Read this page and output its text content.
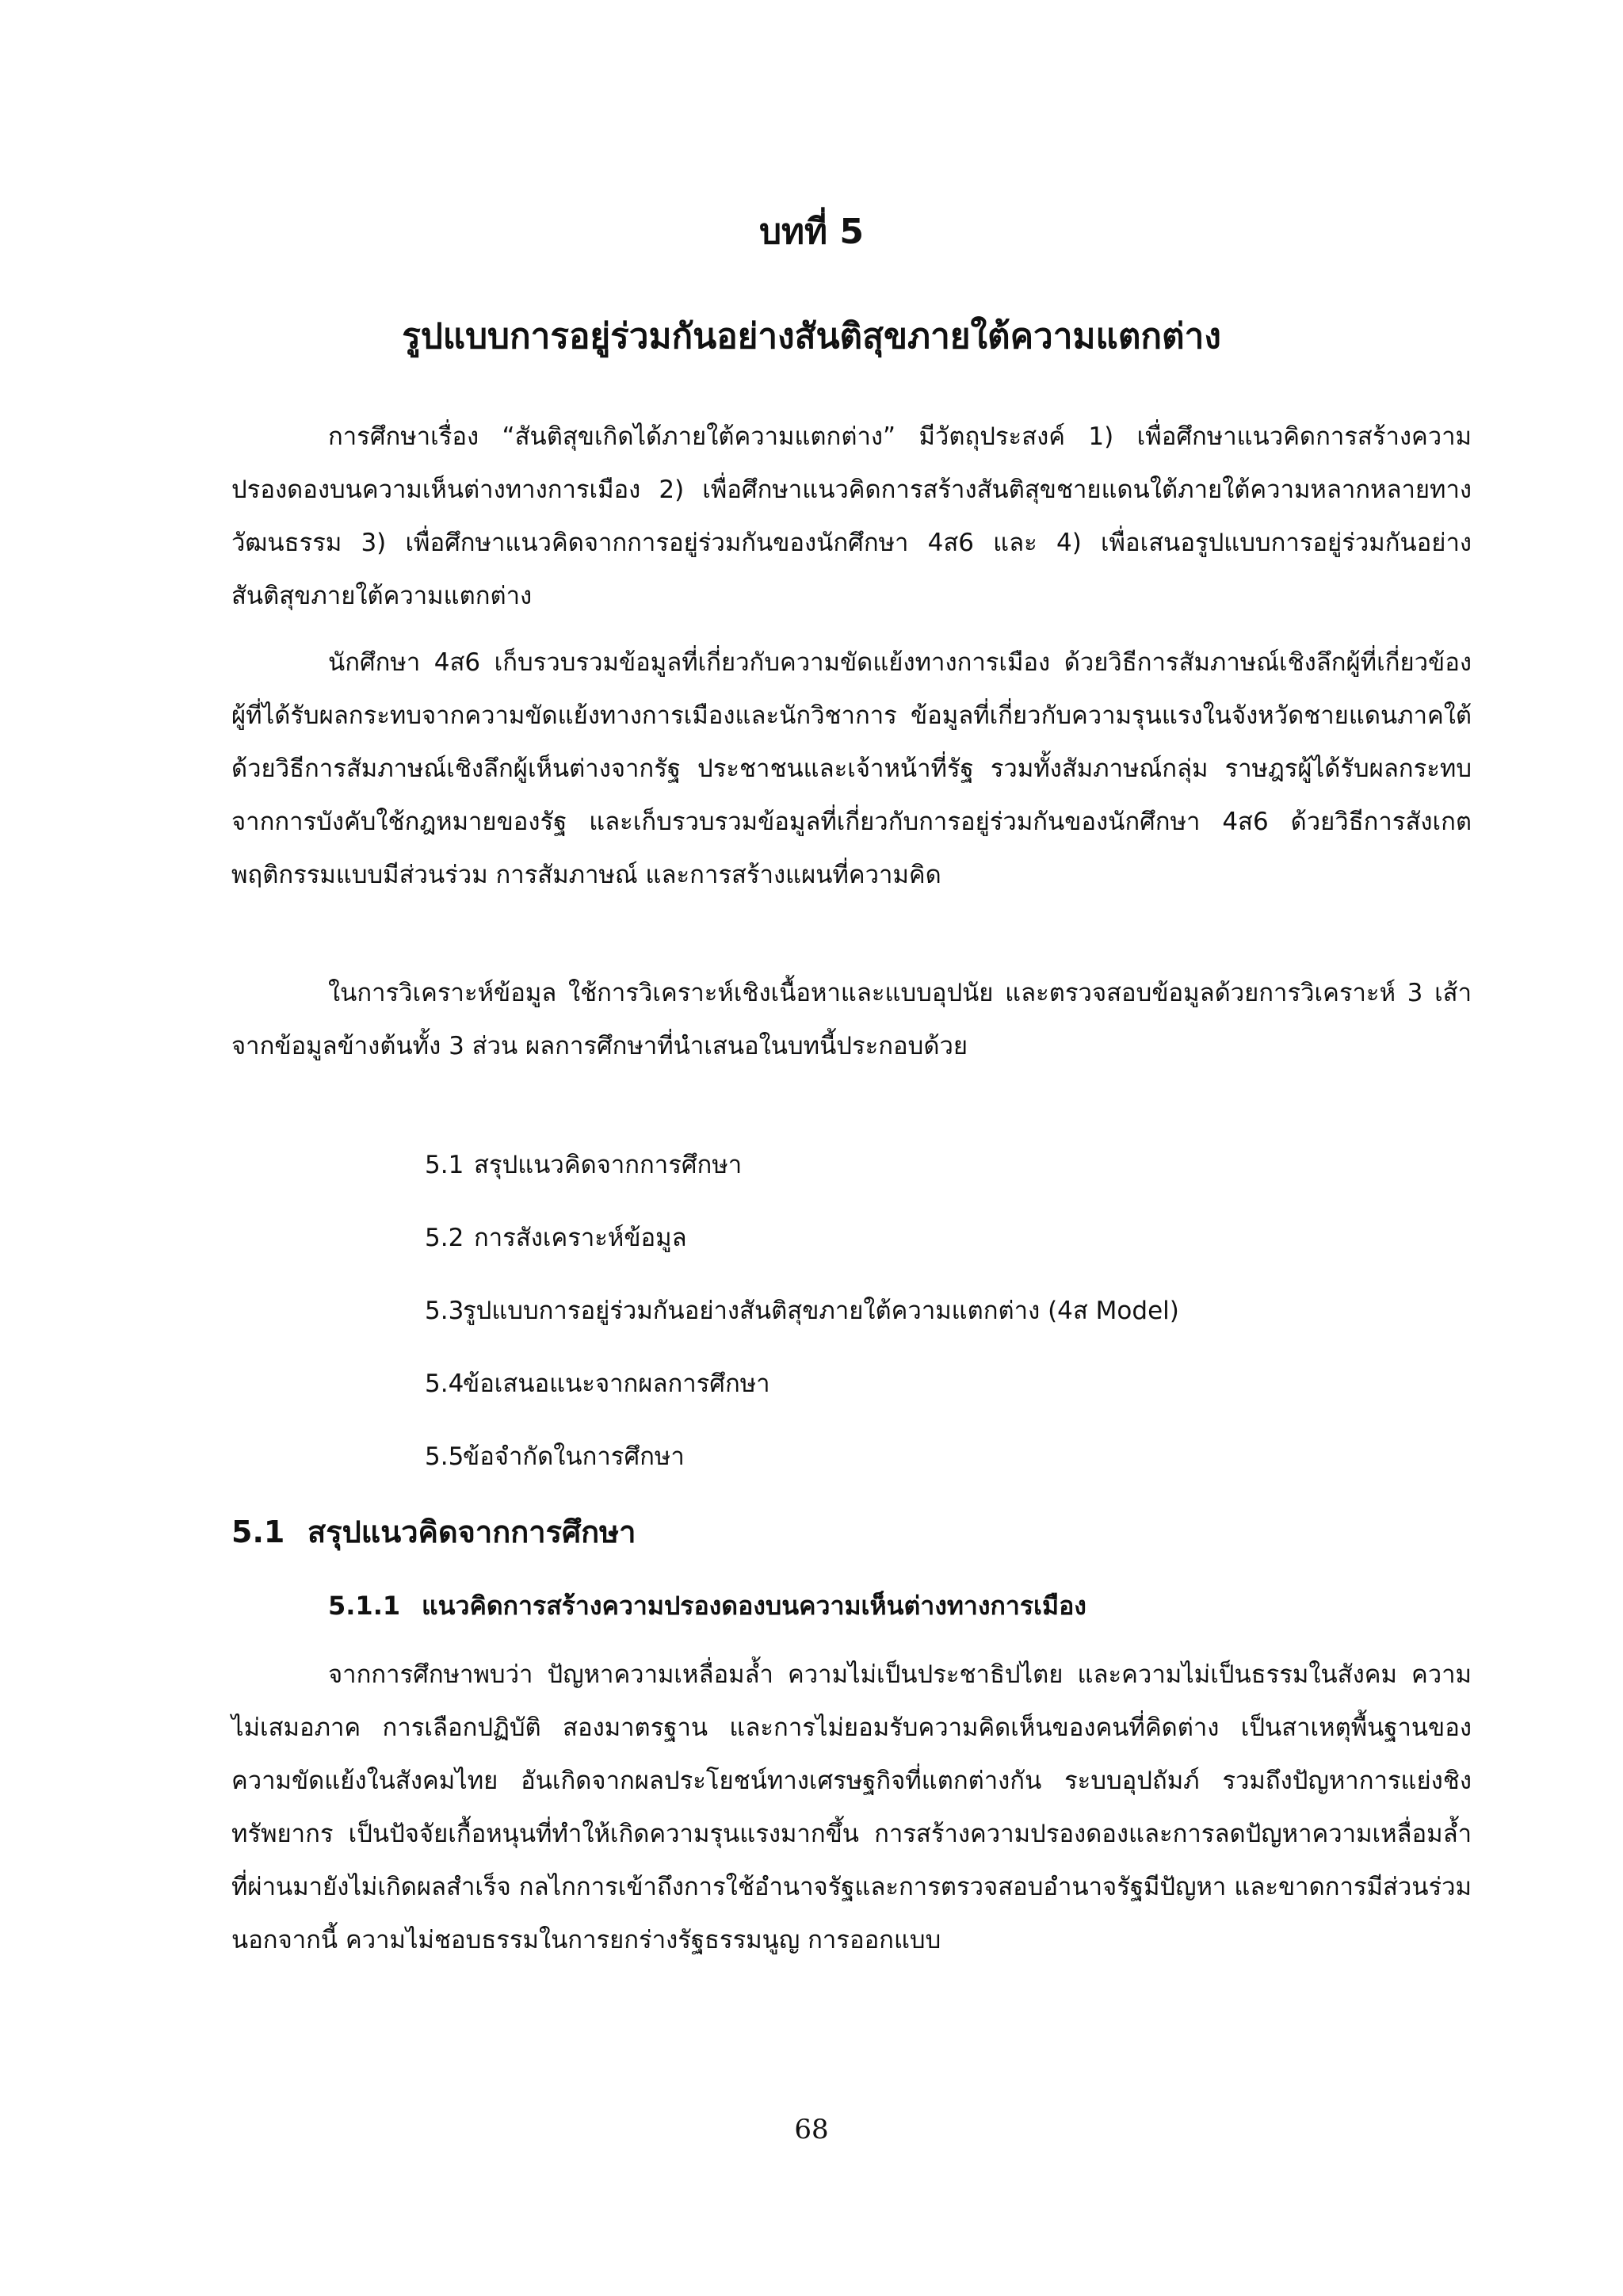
บทที่ 5
รูปแบบการอยู่ร่วมกันอย่างสันติสุขภายใต้ความแตกต่าง

การศึกษาเรื่อง “สันติสุขเกิดได้ภายใต้ความแตกต่าง” มีวัตถุประสงค์ 1) เพื่อศึกษาแนวคิดการสร้างความปรองดองบนความเห็นต่างทางการเมือง 2) เพื่อศึกษาแนวคิดการสร้างสันติสุขชายแดนใต้ภายใต้ความหลากหลายทางวัฒนธรรม 3) เพื่อศึกษาแนวคิดจากการอยู่ร่วมกันของนักศึกษา 4ส6 และ 4) เพื่อเสนอรูปแบบการอยู่ร่วมกันอย่างสันติสุขภายใต้ความแตกต่าง

นักศึกษา 4ส6 เก็บรวบรวมข้อมูลที่เกี่ยวกับความขัดแย้งทางการเมือง ด้วยวิธีการสัมภาษณ์เชิงลึกผู้ที่เกี่ยวข้อง ผู้ที่ได้รับผลกระทบจากความขัดแย้งทางการเมืองและนักวิชาการ ข้อมูลที่เกี่ยวกับความรุนแรงในจังหวัดชายแดนภาคใต้ ด้วยวิธีการสัมภาษณ์เชิงลึกผู้เห็นต่างจากรัฐ ประชาชนและเจ้าหน้าที่รัฐ รวมทั้งสัมภาษณ์กลุ่ม ราษฎรผู้ได้รับผลกระทบจากการบังคับใช้กฎหมายของรัฐ และเก็บรวบรวมข้อมูลที่เกี่ยวกับการอยู่ร่วมกันของนักศึกษา 4ส6 ด้วยวิธีการสังเกตพฤติกรรมแบบมีส่วนร่วม การสัมภาษณ์ และการสร้างแผนที่ความคิด

ในการวิเคราะห์ข้อมูล ใช้การวิเคราะห์เชิงเนื้อหาและแบบอุปนัย และตรวจสอบข้อมูลด้วยการวิเคราะห์ 3 เส้า จากข้อมูลข้างต้นทั้ง 3 ส่วน ผลการศึกษาที่นำเสนอในบทนี้ประกอบด้วย

5.1 สรุปแนวคิดจากการศึกษา
5.2 การสังเคราะห์ข้อมูล
5.3
รูปแบบการอยู่ร่วมกันอย่างสันติสุขภายใต้ความแตกต่าง (4ส Model)
5.4
ข้อเสนอแนะจากผลการศึกษา
5.5
ข้อจำกัดในการศึกษา
5.1 สรุปแนวคิดจากการศึกษา
5.1.1 แนวคิดการสร้างความปรองดองบนความเห็นต่างทางการเมือง

จากการศึกษาพบว่า ปัญหาความเหลื่อมล้ำ ความไม่เป็นประชาธิปไตย และความไม่เป็นธรรมในสังคม ความไม่เสมอภาค การเลือกปฏิบัติ สองมาตรฐาน และการไม่ยอมรับความคิดเห็นของคนที่คิดต่าง เป็นสาเหตุพื้นฐานของความขัดแย้งในสังคมไทย อันเกิดจากผลประโยชน์ทางเศรษฐกิจที่แตกต่างกัน ระบบอุปถัมภ์ รวมถึงปัญหาการแย่งชิงทรัพยากร เป็นปัจจัยเกื้อหนุนที่ทำให้เกิดความรุนแรงมากขึ้น การสร้างความปรองดองและการลดปัญหาความเหลื่อมล้ำที่ผ่านมายังไม่เกิดผลสำเร็จ กลไกการเข้าถึงการใช้อำนาจรัฐและการตรวจสอบอำนาจรัฐมีปัญหา และขาดการมีส่วนร่วม นอกจากนี้ ความไม่ชอบธรรมในการยกร่างรัฐธรรมนูญ การออกแบบ

68
